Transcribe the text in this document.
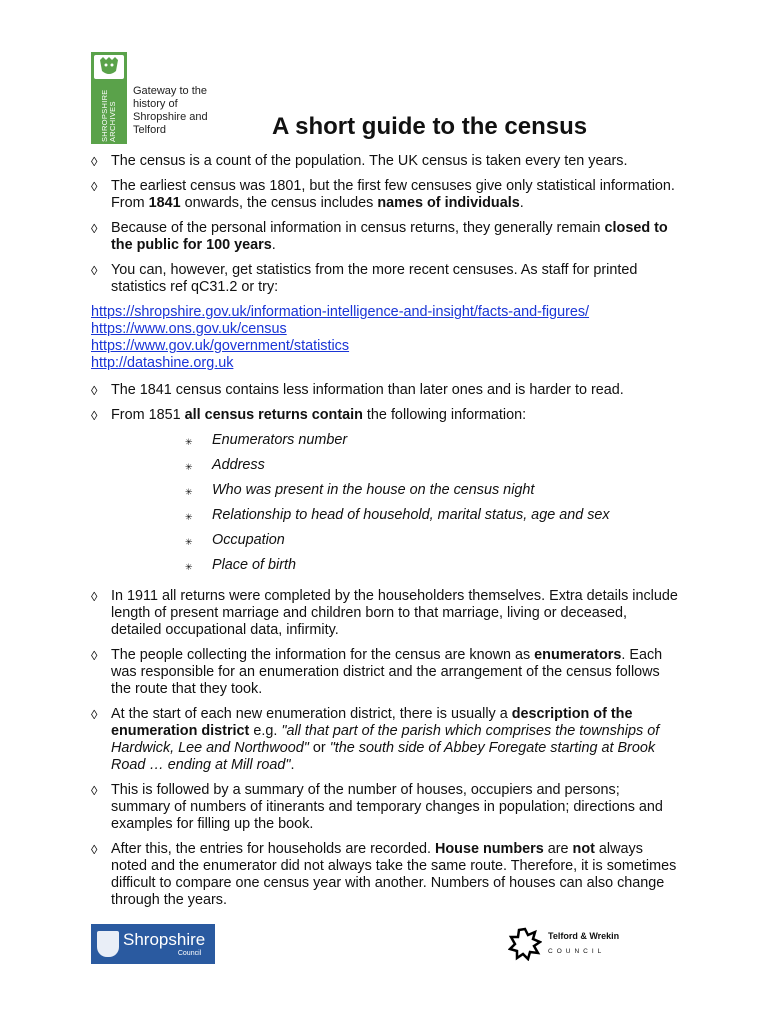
SHROPSHIRE ARCHIVES
Gateway to the history of Shropshire and Telford	A short guide to the census
◊ The census is a count of the population. The UK census is taken every ten years.
◊ The earliest census was 1801, but the first few censuses give only statistical information. From 1841 onwards, the census includes names of individuals.
◊ Because of the personal information in census returns, they generally remain closed to the public for 100 years.
◊ You can, however, get statistics from the more recent censuses. As staff for printed statistics ref qC31.2 or try:
https://shropshire.gov.uk/information-intelligence-and-insight/facts-and-figures/
https://www.ons.gov.uk/census
https://www.gov.uk/government/statistics
http://datashine.org.uk
◊ The 1841 census contains less information than later ones and is harder to read.
◊ From 1851 all census returns contain the following information:
✳ Enumerators number
✳ Address
✳ Who was present in the house on the census night
✳ Relationship to head of household, marital status, age and sex
✳ Occupation
✳ Place of birth
◊ In 1911 all returns were completed by the householders themselves. Extra details include length of present marriage and children born to that marriage, living or deceased, detailed occupational data, infirmity.
◊ The people collecting the information for the census are known as enumerators. Each was responsible for an enumeration district and the arrangement of the census follows the route that they took.
◊ At the start of each new enumeration district, there is usually a description of the enumeration district e.g. "all that part of the parish which comprises the townships of Hardwick, Lee and Northwood" or "the south side of Abbey Foregate starting at Brook Road … ending at Mill road".
◊ This is followed by a summary of the number of houses, occupiers and persons; summary of numbers of itinerants and temporary changes in population; directions and examples for filling up the book.
◊ After this, the entries for households are recorded. House numbers are not always noted and the enumerator did not always take the same route. Therefore, it is sometimes difficult to compare one census year with another. Numbers of houses can also change through the years.
Shropshire
Council
Telford & Wrekin
COUNCIL
